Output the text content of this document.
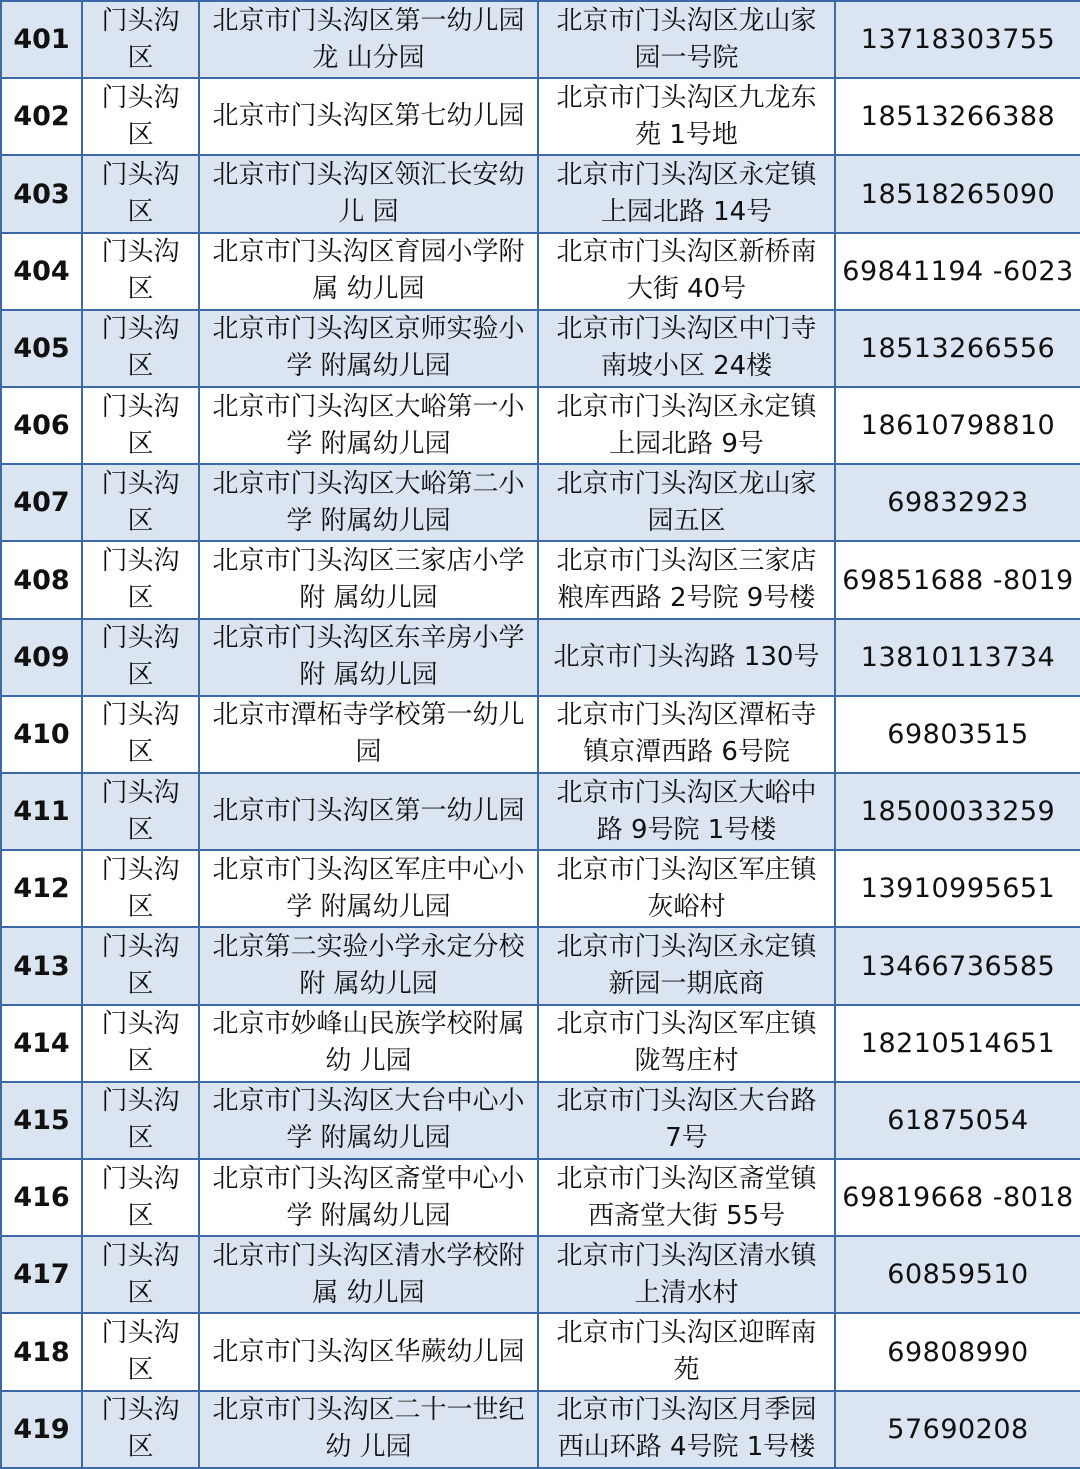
401	门头沟区	北京市门头沟区第一幼儿园龙 山分园	北京市门头沟区龙山家园一号院	13718303755
402	门头沟区	北京市门头沟区第七幼儿园	北京市门头沟区九龙东苑 1号地	18513266388
403	门头沟区	北京市门头沟区领汇长安幼儿 园	北京市门头沟区永定镇上园北路 14号	18518265090
404	门头沟区	北京市门头沟区育园小学附属 幼儿园	北京市门头沟区新桥南大街 40号	69841194 -6023
405	门头沟区	北京市门头沟区京师实验小学 附属幼儿园	北京市门头沟区中门寺南坡小区 24楼	18513266556
406	门头沟区	北京市门头沟区大峪第一小学 附属幼儿园	北京市门头沟区永定镇上园北路 9号	18610798810
407	门头沟区	北京市门头沟区大峪第二小学 附属幼儿园	北京市门头沟区龙山家园五区	69832923
408	门头沟区	北京市门头沟区三家店小学附 属幼儿园	北京市门头沟区三家店粮库西路 2号院 9号楼	69851688 -8019
409	门头沟区	北京市门头沟区东辛房小学附 属幼儿园	北京市门头沟路 130号	13810113734
410	门头沟区	北京市潭柘寺学校第一幼儿园	北京市门头沟区潭柘寺镇京潭西路 6号院	69803515
411	门头沟区	北京市门头沟区第一幼儿园	北京市门头沟区大峪中路 9号院 1号楼	18500033259
412	门头沟区	北京市门头沟区军庄中心小学 附属幼儿园	北京市门头沟区军庄镇灰峪村	13910995651
413	门头沟区	北京第二实验小学永定分校附 属幼儿园	北京市门头沟区永定镇新园一期底商	13466736585
414	门头沟区	北京市妙峰山民族学校附属幼 儿园	北京市门头沟区军庄镇陇驾庄村	18210514651
415	门头沟区	北京市门头沟区大台中心小学 附属幼儿园	北京市门头沟区大台路 7号	61875054
416	门头沟区	北京市门头沟区斋堂中心小学 附属幼儿园	北京市门头沟区斋堂镇西斋堂大街 55号	69819668 -8018
417	门头沟区	北京市门头沟区清水学校附属 幼儿园	北京市门头沟区清水镇上清水村	60859510
418	门头沟区	北京市门头沟区华蕨幼儿园	北京市门头沟区迎晖南苑	69808990
419	门头沟区	北京市门头沟区二十一世纪幼 儿园	北京市门头沟区月季园西山环路 4号院 1号楼	57690208
